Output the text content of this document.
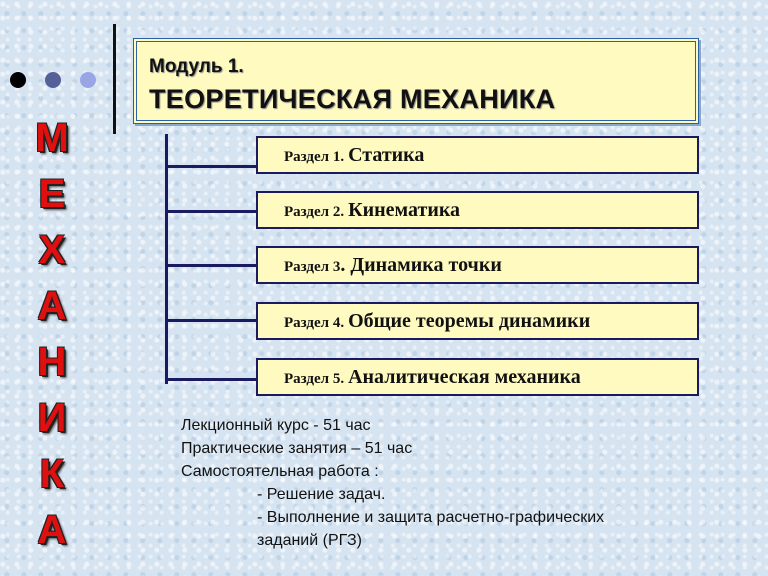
М
Е
Х
А
Н
И
К
А
Модуль 1.
ТЕОРЕТИЧЕСКАЯ МЕХАНИКА
Раздел 1. Статика
Раздел 2. Кинематика
Раздел 3. Динамика точки
Раздел 4. Общие теоремы динамики
Раздел 5. Аналитическая механика
Лекционный курс - 51 час
Практические занятия – 51 час
Самостоятельная работа :
- Решение задач.
- Выполнение и защита расчетно-графических
заданий (РГЗ)
